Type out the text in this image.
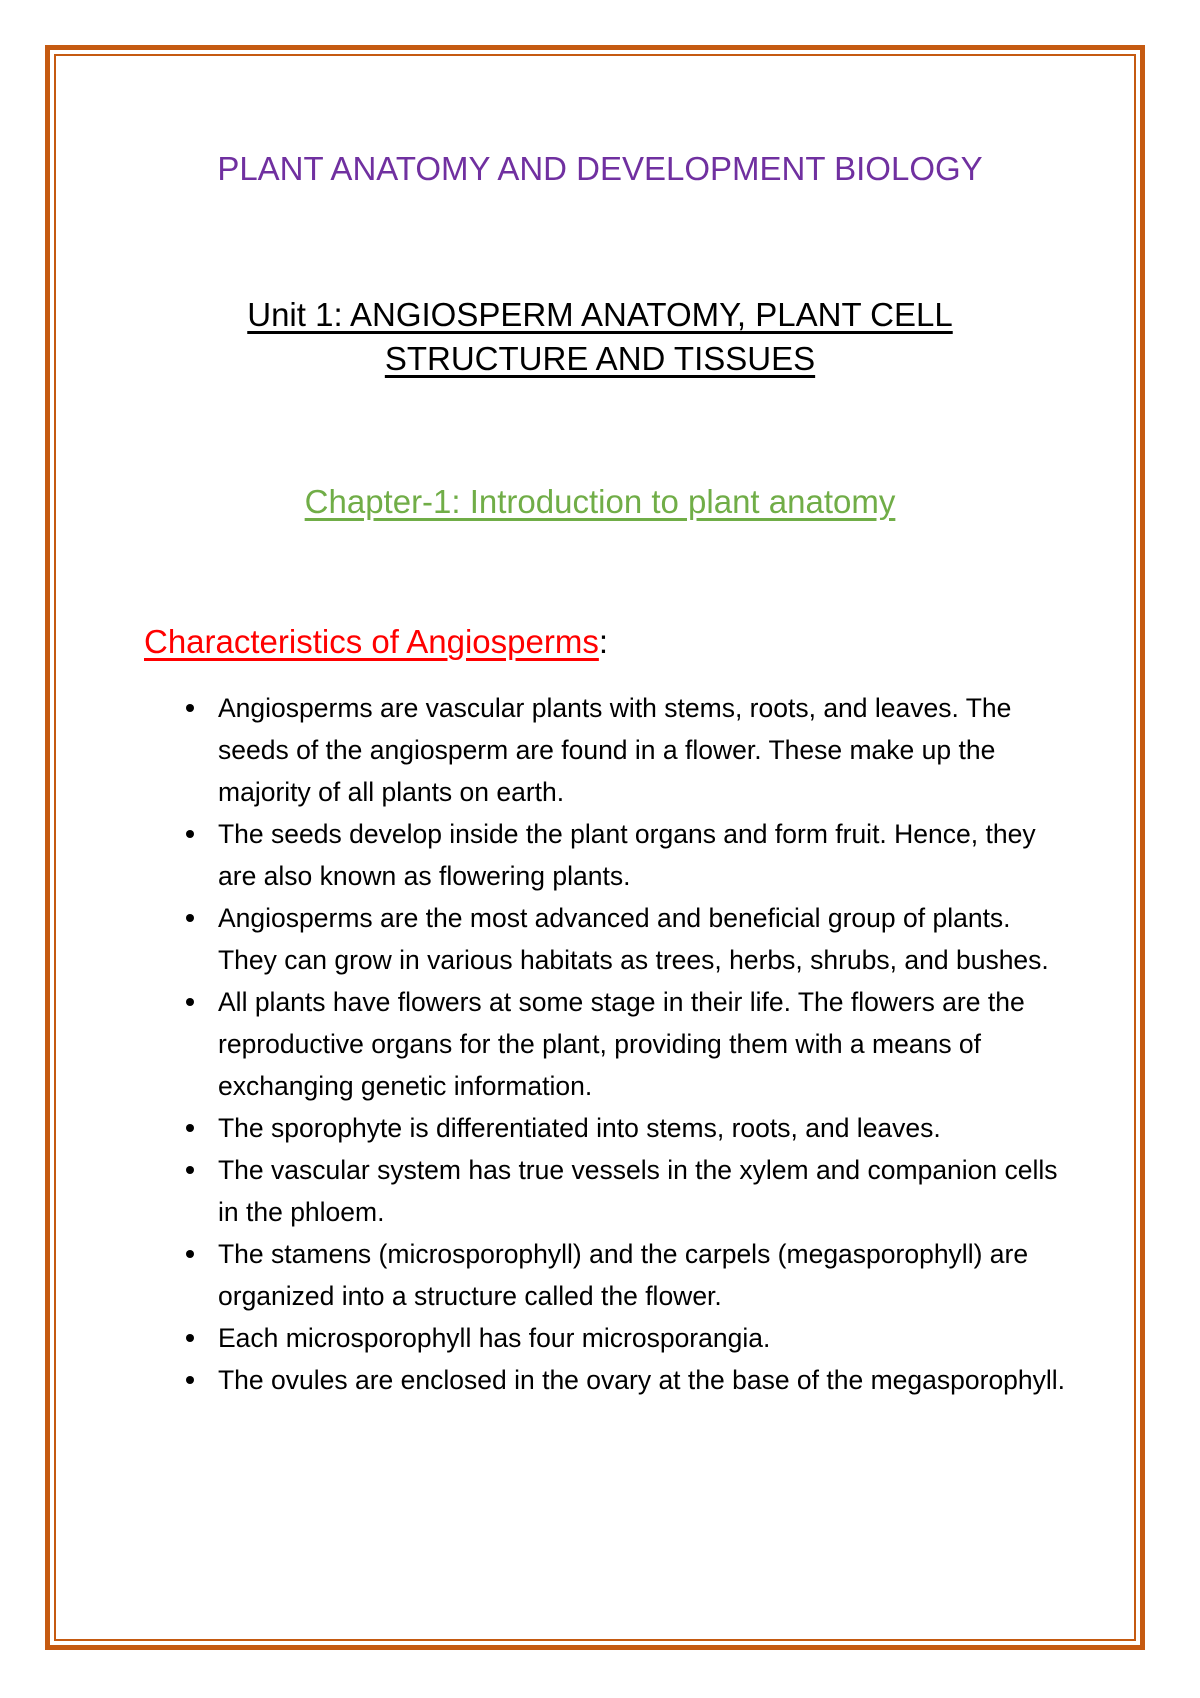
PLANT ANATOMY AND DEVELOPMENT BIOLOGY
Unit 1: ANGIOSPERM ANATOMY, PLANT CELL
STRUCTURE AND TISSUES
Chapter-1: Introduction to plant anatomy
Characteristics of Angiosperms:
Angiosperms are vascular plants with stems, roots, and leaves. The seeds of the angiosperm are found in a flower. These make up the majority of all plants on earth.
The seeds develop inside the plant organs and form fruit. Hence, they are also known as flowering plants.
Angiosperms are the most advanced and beneficial group of plants. They can grow in various habitats as trees, herbs, shrubs, and bushes.
All plants have flowers at some stage in their life. The flowers are the reproductive organs for the plant, providing them with a means of exchanging genetic information.
The sporophyte is differentiated into stems, roots, and leaves.
The vascular system has true vessels in the xylem and companion cells in the phloem.
The stamens (microsporophyll) and the carpels (megasporophyll) are organized into a structure called the flower.
Each microsporophyll has four microsporangia.
The ovules are enclosed in the ovary at the base of the megasporophyll.
